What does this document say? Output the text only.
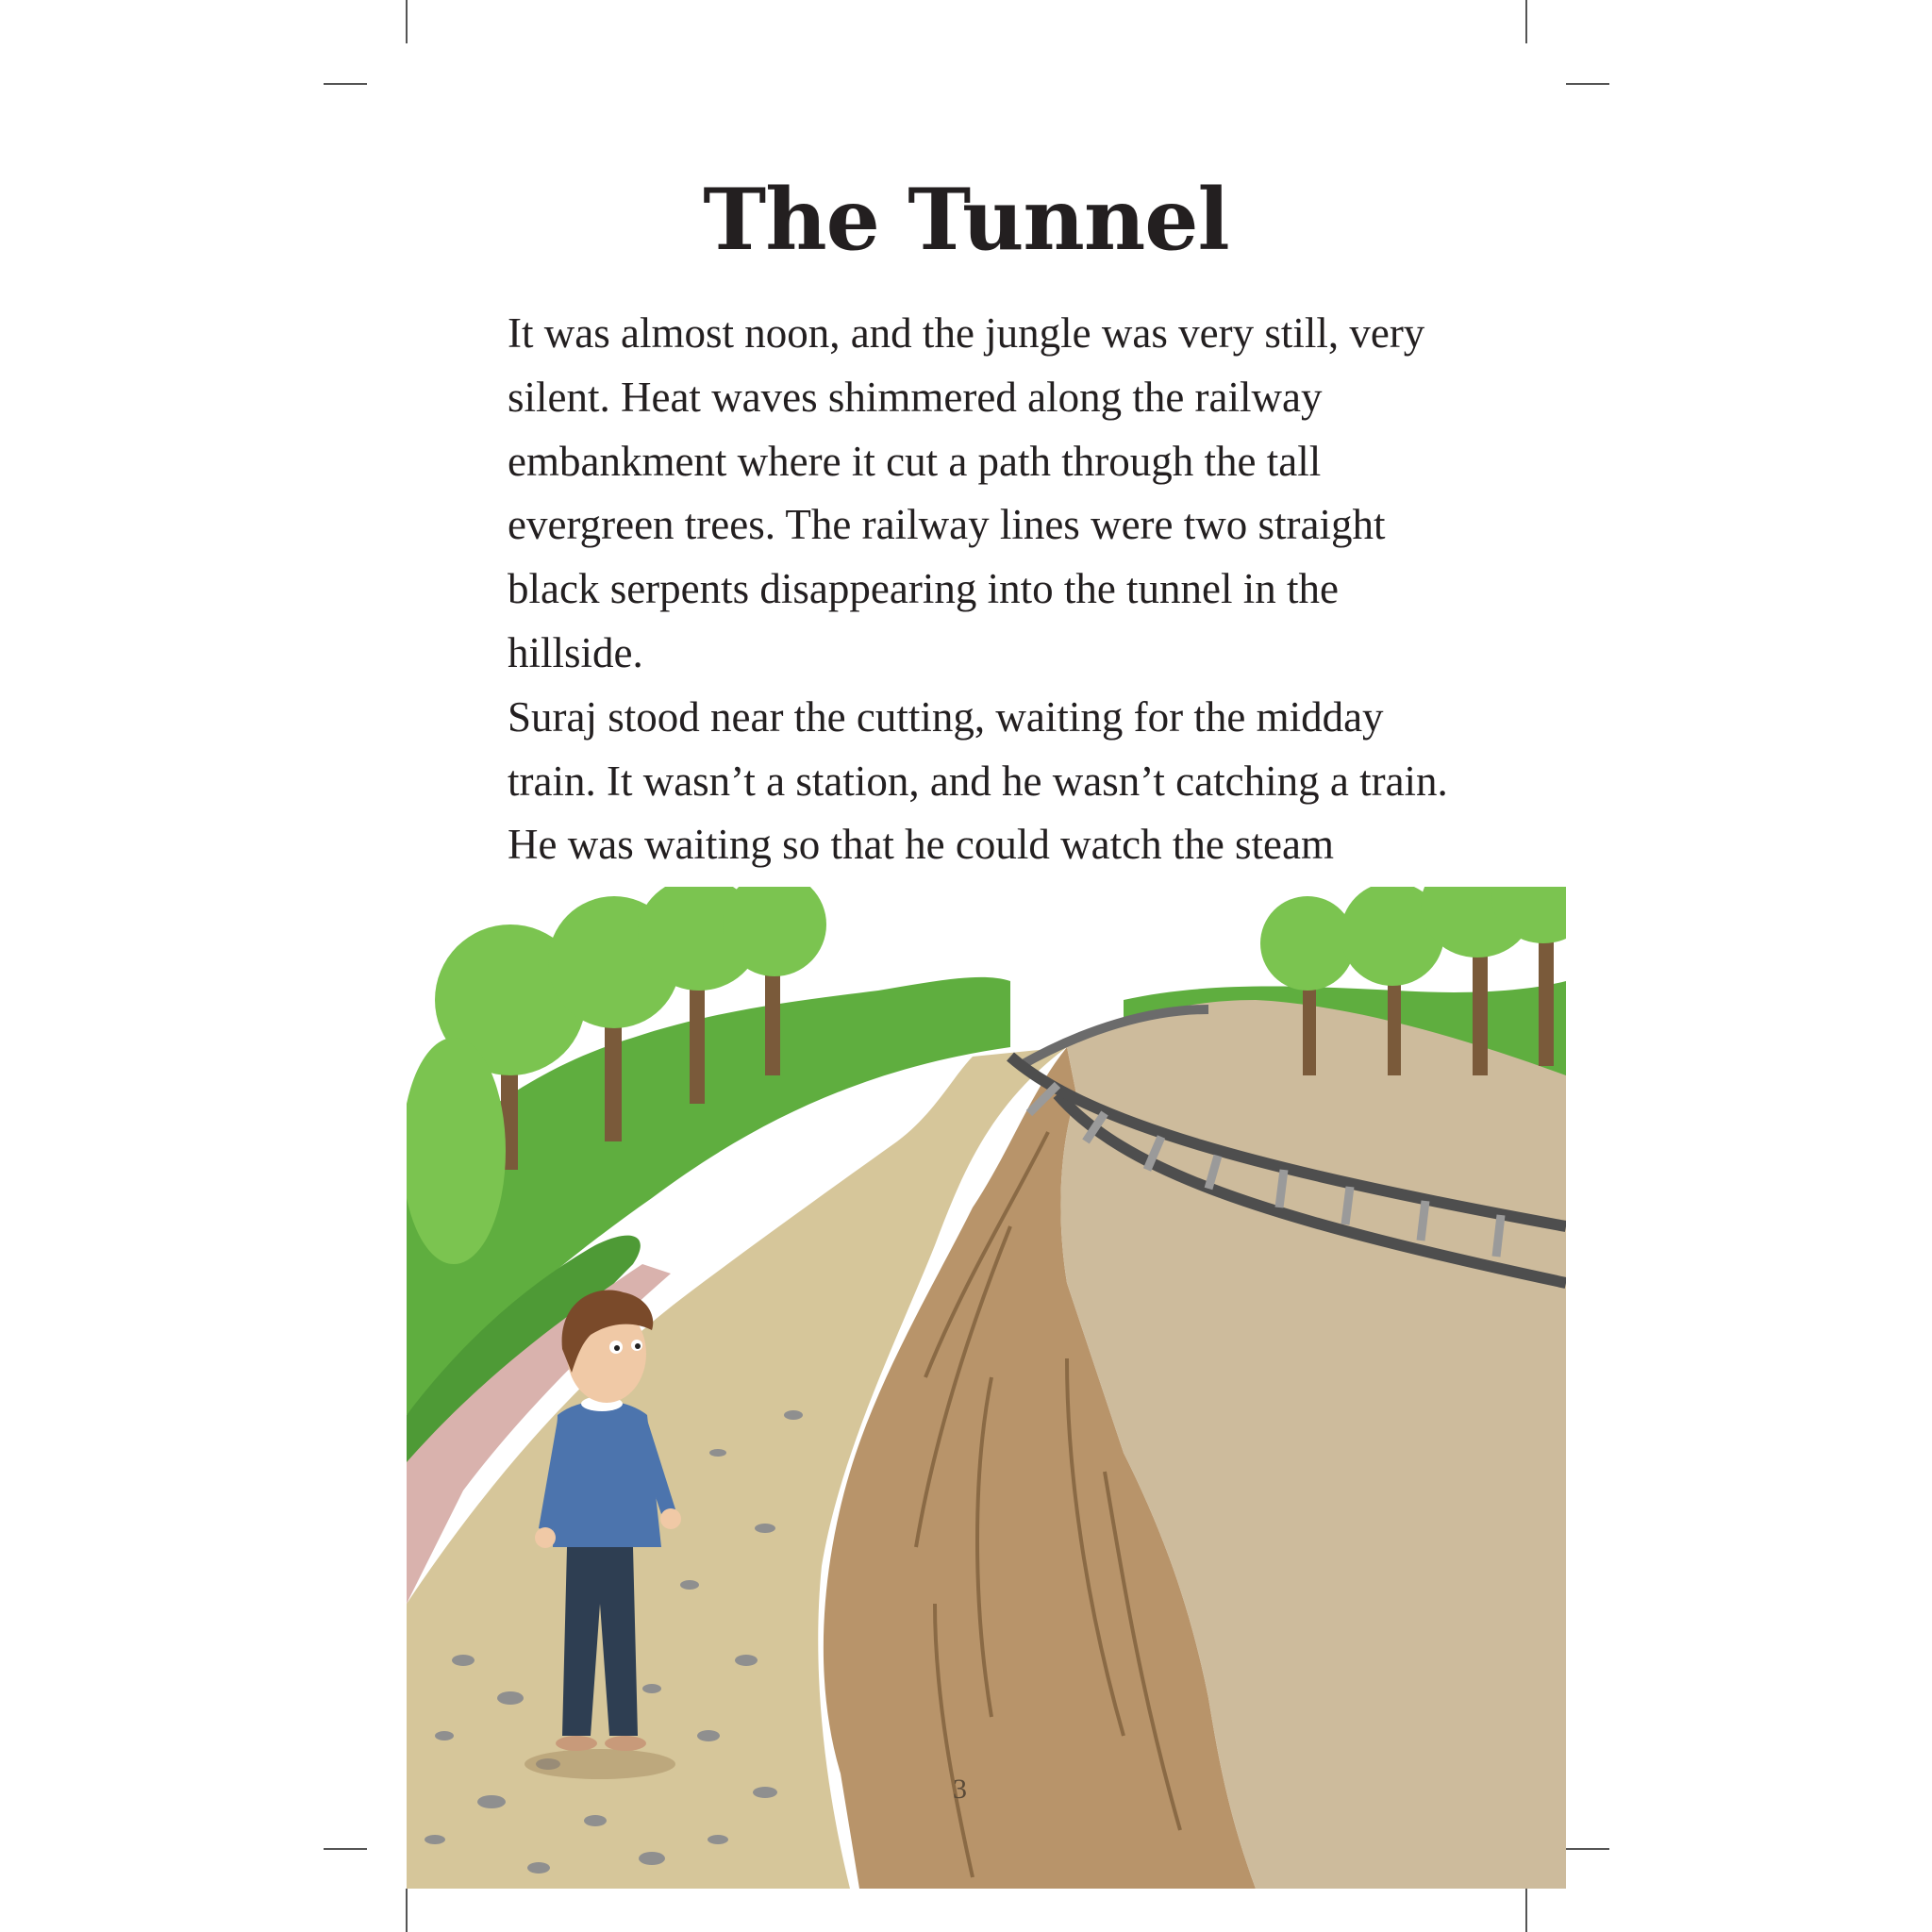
The Tunnel

It was almost noon, and the jungle was very still, very silent. Heat waves shimmered along the railway embankment where it cut a path through the tall evergreen trees. The railway lines were two straight black serpents disappearing into the tunnel in the hillside.

Suraj stood near the cutting, waiting for the midday train. It wasn’t a station, and he wasn’t catching a train. He was waiting so that he could watch the steam

3
